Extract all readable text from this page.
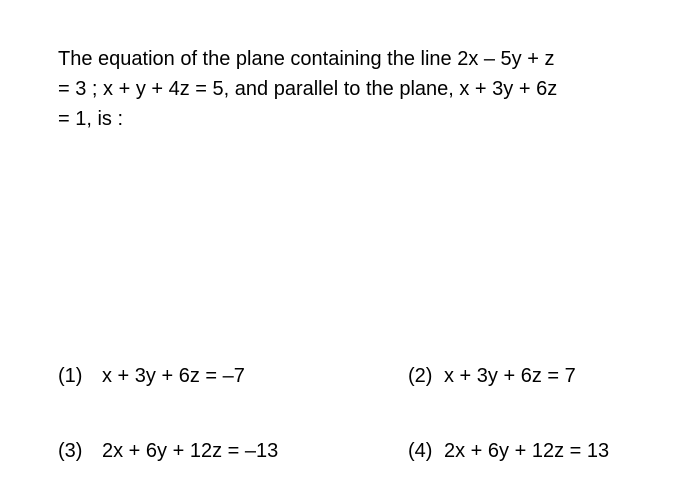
The equation of the plane containing the line 2x – 5y + z
= 3 ; x + y + 4z = 5, and parallel to the plane, x + 3y + 6z
= 1, is :
(1) x + 3y + 6z = –7	(2) x + 3y + 6z = 7
(3) 2x + 6y + 12z = –13	(4) 2x + 6y + 12z = 13
